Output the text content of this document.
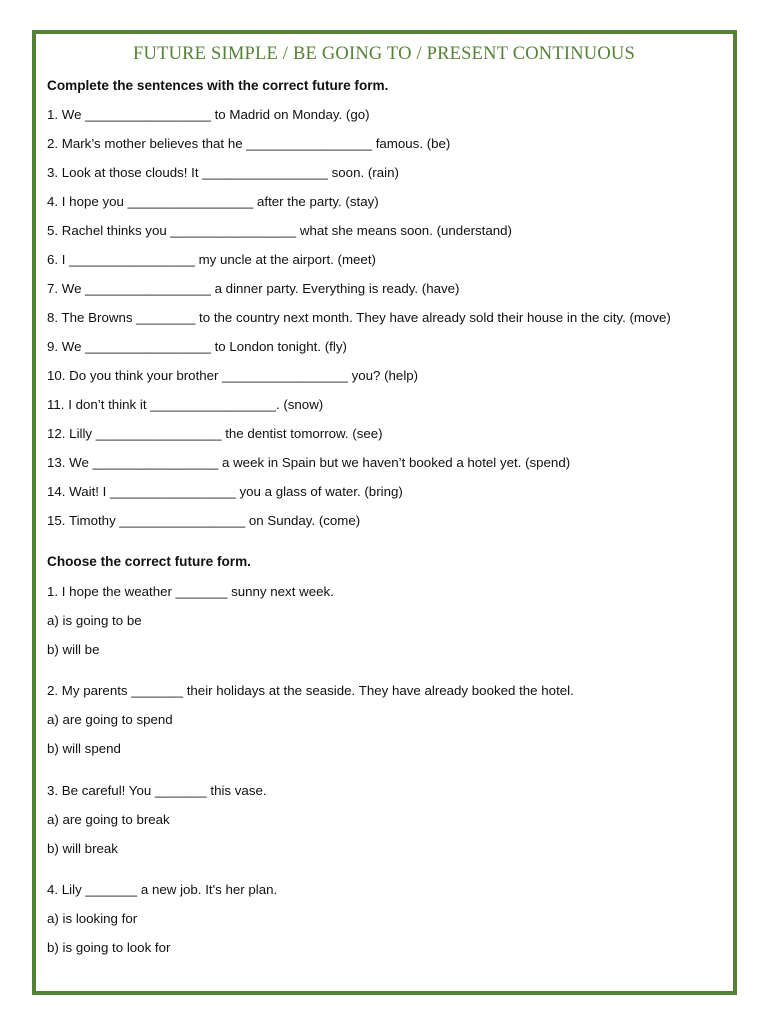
FUTURE SIMPLE / BE GOING TO / PRESENT CONTINUOUS
Complete the sentences with the correct future form.
1. We _________________ to Madrid on Monday. (go)
2. Mark’s mother believes that he _________________ famous. (be)
3. Look at those clouds! It _________________ soon. (rain)
4. I hope you _________________ after the party. (stay)
5. Rachel thinks you _________________ what she means soon. (understand)
6. I _________________ my uncle at the airport. (meet)
7. We _________________ a dinner party. Everything is ready. (have)
8. The Browns ________ to the country next month. They have already sold their house in the city. (move)
9. We _________________ to London tonight. (fly)
10. Do you think your brother _________________ you? (help)
11. I don’t think it _________________. (snow)
12. Lilly _________________ the dentist tomorrow. (see)
13. We _________________ a week in Spain but we haven’t booked a hotel yet. (spend)
14. Wait! I _________________ you a glass of water. (bring)
15. Timothy _________________ on Sunday. (come)
Choose the correct future form.
1. I hope the weather _______ sunny next week.
a) is going to be
b) will be
2. My parents _______ their holidays at the seaside. They have already booked the hotel.
a) are going to spend
b) will spend
3. Be careful! You _______ this vase.
a) are going to break
b) will break
4. Lily _______ a new job. It's her plan.
a) is looking for
b) is going to look for
